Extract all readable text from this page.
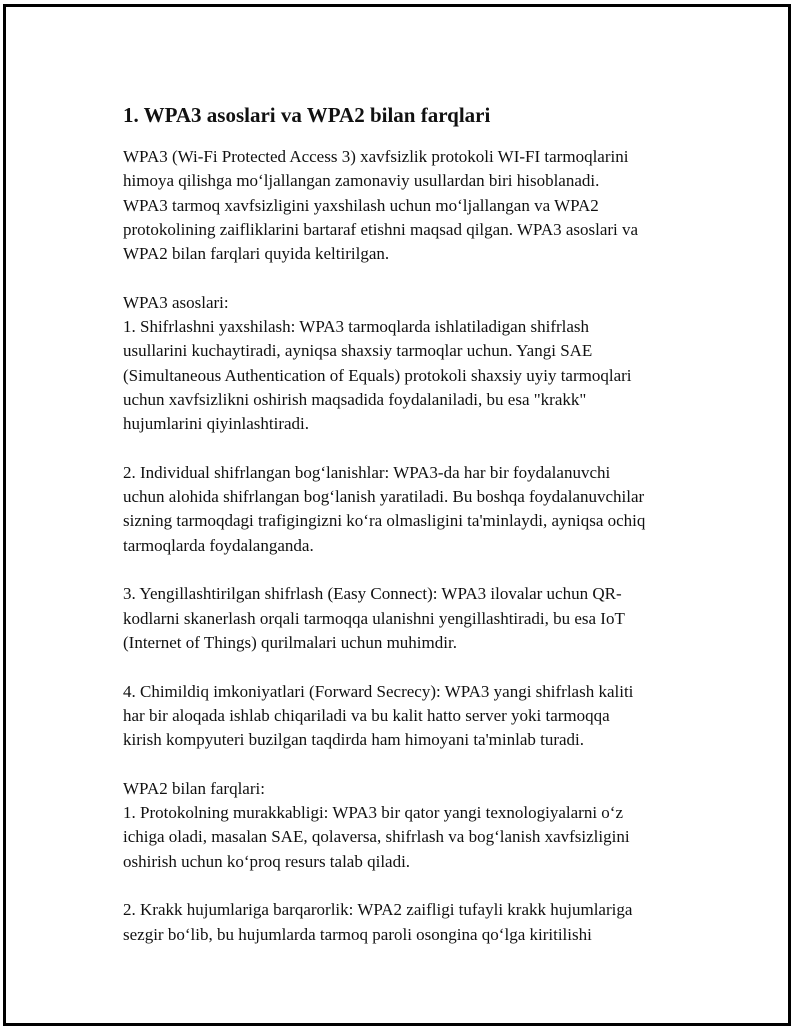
1. WPA3 asoslari va WPA2 bilan farqlari

WPA3 (Wi-Fi Protected Access 3) xavfsizlik protokoli WI-FI tarmoqlarini
himoya qilishga mo‘ljallangan zamonaviy usullardan biri hisoblanadi.
WPA3 tarmoq xavfsizligini yaxshilash uchun mo‘ljallangan va WPA2
protokolining zaifliklarini bartaraf etishni maqsad qilgan. WPA3 asoslari va
WPA2 bilan farqlari quyida keltirilgan.

WPA3 asoslari:
1. Shifrlashni yaxshilash: WPA3 tarmoqlarda ishlatiladigan shifrlash
usullarini kuchaytiradi, ayniqsa shaxsiy tarmoqlar uchun. Yangi SAE
(Simultaneous Authentication of Equals) protokoli shaxsiy uyiy tarmoqlari
uchun xavfsizlikni oshirish maqsadida foydalaniladi, bu esa "krakk"
hujumlarini qiyinlashtiradi.

2. Individual shifrlangan bog‘lanishlar: WPA3-da har bir foydalanuvchi
uchun alohida shifrlangan bog‘lanish yaratiladi. Bu boshqa foydalanuvchilar
sizning tarmoqdagi trafigingizni ko‘ra olmasligini ta'minlaydi, ayniqsa ochiq
tarmoqlarda foydalanganda.

3. Yengillashtirilgan shifrlash (Easy Connect): WPA3 ilovalar uchun QR-
kodlarni skanerlash orqali tarmoqqa ulanishni yengillashtiradi, bu esa IoT
(Internet of Things) qurilmalari uchun muhimdir.

4. Chimildiq imkoniyatlari (Forward Secrecy): WPA3 yangi shifrlash kaliti
har bir aloqada ishlab chiqariladi va bu kalit hatto server yoki tarmoqqa
kirish kompyuteri buzilgan taqdirda ham himoyani ta'minlab turadi.

WPA2 bilan farqlari:
1. Protokolning murakkabligi: WPA3 bir qator yangi texnologiyalarni o‘z
ichiga oladi, masalan SAE, qolaversa, shifrlash va bog‘lanish xavfsizligini
oshirish uchun ko‘proq resurs talab qiladi.

2. Krakk hujumlariga barqarorlik: WPA2 zaifligi tufayli krakk hujumlariga
sezgir bo‘lib, bu hujumlarda tarmoq paroli osongina qo‘lga kiritilishi
